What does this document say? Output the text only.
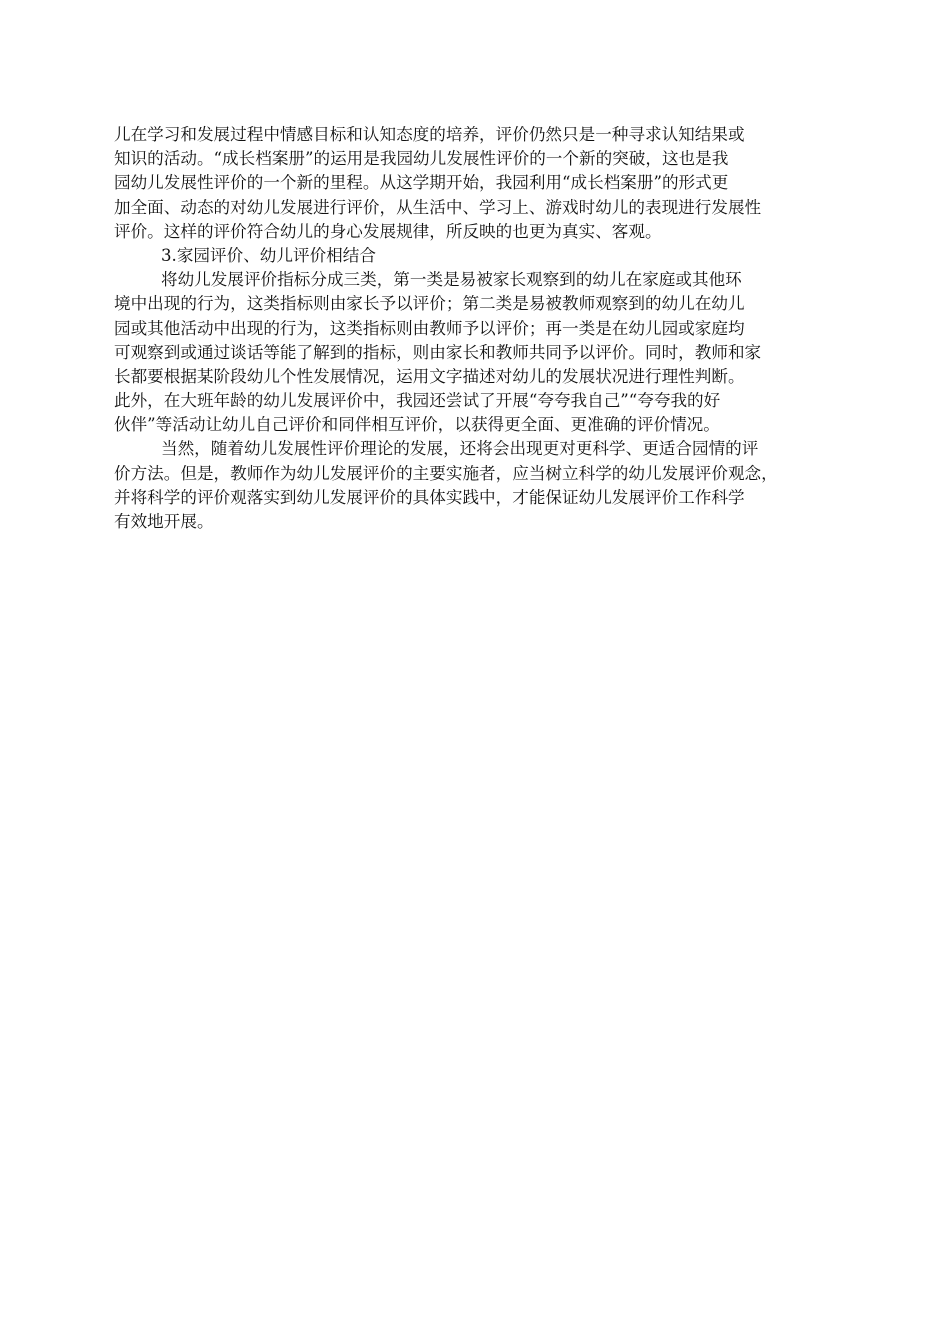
儿在学习和发展过程中情感目标和认知态度的培养，评价仍然只是一种寻求认知结果或
知识的活动。“成长档案册”的运用是我园幼儿发展性评价的一个新的突破，这也是我
园幼儿发展性评价的一个新的里程。从这学期开始，我园利用“成长档案册”的形式更
加全面、动态的对幼儿发展进行评价，从生活中、学习上、游戏时幼儿的表现进行发展性
评价。这样的评价符合幼儿的身心发展规律，所反映的也更为真实、客观。
3.家园评价、幼儿评价相结合
将幼儿发展评价指标分成三类，第一类是易被家长观察到的幼儿在家庭或其他环
境中出现的行为，这类指标则由家长予以评价；第二类是易被教师观察到的幼儿在幼儿
园或其他活动中出现的行为，这类指标则由教师予以评价；再一类是在幼儿园或家庭均
可观察到或通过谈话等能了解到的指标，则由家长和教师共同予以评价。同时，教师和家
长都要根据某阶段幼儿个性发展情况，运用文字描述对幼儿的发展状况进行理性判断。
此外，在大班年龄的幼儿发展评价中，我园还尝试了开展“夸夸我自己”“夸夸我的好
伙伴”等活动让幼儿自己评价和同伴相互评价，以获得更全面、更准确的评价情况。
当然，随着幼儿发展性评价理论的发展，还将会出现更对更科学、更适合园情的评
价方法。但是，教师作为幼儿发展评价的主要实施者，应当树立科学的幼儿发展评价观念，
并将科学的评价观落实到幼儿发展评价的具体实践中，才能保证幼儿发展评价工作科学
有效地开展。
